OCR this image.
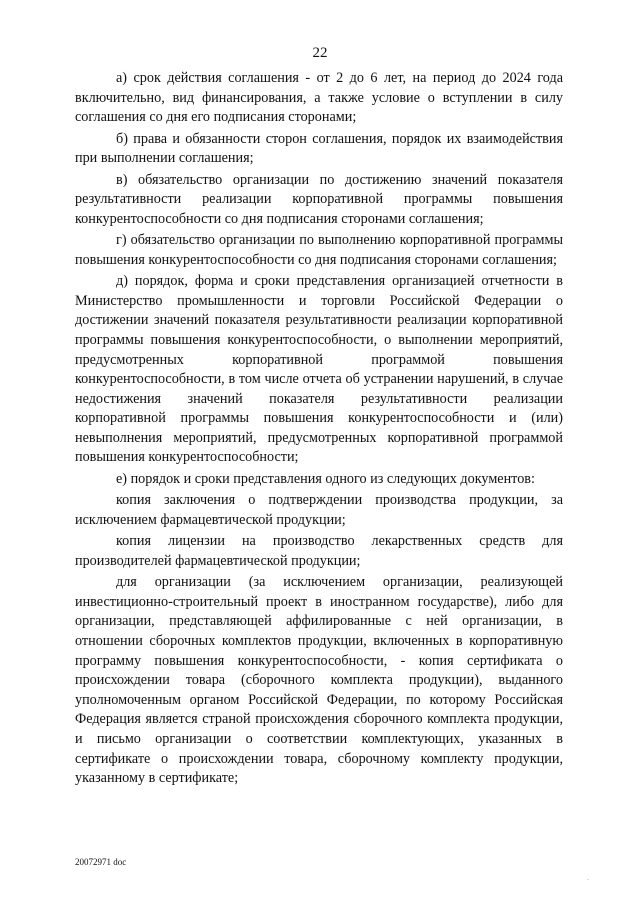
22

а) срок действия соглашения - от 2 до 6 лет, на период до 2024 года включительно, вид финансирования, а также условие о вступлении в силу соглашения со дня его подписания сторонами;

б) права и обязанности сторон соглашения, порядок их взаимодействия при выполнении соглашения;

в) обязательство организации по достижению значений показателя результативности реализации корпоративной программы повышения конкурентоспособности со дня подписания сторонами соглашения;

г) обязательство организации по выполнению корпоративной программы повышения конкурентоспособности со дня подписания сторонами соглашения;

д) порядок, форма и сроки представления организацией отчетности в Министерство промышленности и торговли Российской Федерации о достижении значений показателя результативности реализации корпоративной программы повышения конкурентоспособности, о выполнении мероприятий, предусмотренных корпоративной программой повышения конкурентоспособности, в том числе отчета об устранении нарушений, в случае недостижения значений показателя результативности реализации корпоративной программы повышения конкурентоспособности и (или) невыполнения мероприятий, предусмотренных корпоративной программой повышения конкурентоспособности;

е) порядок и сроки представления одного из следующих документов:

копия заключения о подтверждении производства продукции, за исключением фармацевтической продукции;

копия лицензии на производство лекарственных средств для производителей фармацевтической продукции;

для организации (за исключением организации, реализующей инвестиционно-строительный проект в иностранном государстве), либо для организации, представляющей аффилированные с ней организации, в отношении сборочных комплектов продукции, включенных в корпоративную программу повышения конкурентоспособности, - копия сертификата о происхождении товара (сборочного комплекта продукции), выданного уполномоченным органом Российской Федерации, по которому Российская Федерация является страной происхождения сборочного комплекта продукции, и письмо организации о соответствии комплектующих, указанных в сертификате о происхождении товара, сборочному комплекту продукции, указанному в сертификате;

20072971 doc
.
